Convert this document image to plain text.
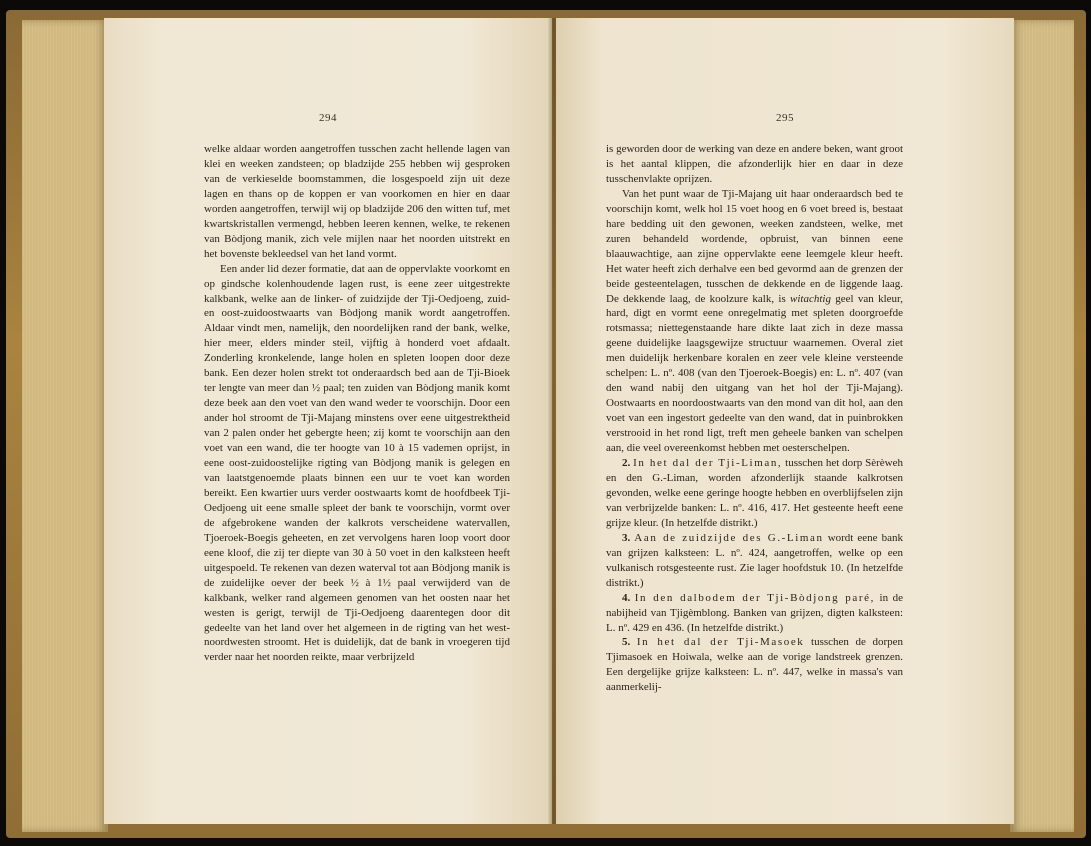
294

welke aldaar worden aangetroffen tusschen zacht hellende lagen van klei en weeken zandsteen; op bladzijde 255 hebben wij gesproken van de verkieselde boomstammen, die losgespoeld zijn uit deze lagen en thans op de koppen er van voorkomen en hier en daar worden aangetroffen, terwijl wij op bladzijde 206 den witten tuf, met kwartskristallen vermengd, hebben leeren kennen, welke, te rekenen van Bòdjong manik, zich vele mijlen naar het noorden uitstrekt en het bovenste bekleedsel van het land vormt.

Een ander lid dezer formatie, dat aan de oppervlakte voorkomt en op gindsche kolenhoudende lagen rust, is eene zeer uitgestrekte kalkbank, welke aan de linker- of zuidzijde der Tji-Oedjoeng, zuid- en oost-zuidoostwaarts van Bòdjong manik wordt aangetroffen. Aldaar vindt men, namelijk, den noordelijken rand der bank, welke, hier meer, elders minder steil, vijftig à honderd voet afdaalt. Zonderling kronkelende, lange holen en spleten loopen door deze bank. Een dezer holen strekt tot onderaardsch bed aan de Tji-Bioek ter lengte van meer dan ½ paal; ten zuiden van Bòdjong manik komt deze beek aan den voet van den wand weder te voorschijn. Door een ander hol stroomt de Tji-Majang minstens over eene uitgestrektheid van 2 palen onder het gebergte heen; zij komt te voorschijn aan den voet van een wand, die ter hoogte van 10 à 15 vademen oprijst, in eene oost-zuidoostelijke rigting van Bòdjong manik is gelegen en van laatstgenoemde plaats binnen een uur te voet kan worden bereikt. Een kwartier uurs verder oostwaarts komt de hoofdbeek Tji-Oedjoeng uit eene smalle spleet der bank te voorschijn, vormt over de afgebrokene wanden der kalkrots verscheidene watervallen, Tjoeroek-Boegis geheeten, en zet vervolgens haren loop voort door eene kloof, die zij ter diepte van 30 à 50 voet in den kalksteen heeft uitgespoeld. Te rekenen van dezen waterval tot aan Bòdjong manik is de zuidelijke oever der beek ½ à 1½ paal verwijderd van de kalkbank, welker rand algemeen genomen van het oosten naar het westen is gerigt, terwijl de Tji-Oedjoeng daarentegen door dit gedeelte van het land over het algemeen in de rigting van het west-noordwesten stroomt. Het is duidelijk, dat de bank in vroegeren tijd verder naar het noorden reikte, maar verbrijzeld

295

is geworden door de werking van deze en andere beken, want groot is het aantal klippen, die afzonderlijk hier en daar in deze tusschenvlakte oprijzen.

Van het punt waar de Tji-Majang uit haar onderaardsch bed te voorschijn komt, welk hol 15 voet hoog en 6 voet breed is, bestaat hare bedding uit den gewonen, weeken zandsteen, welke, met zuren behandeld wordende, opbruist, van binnen eene blaauwachtige, aan zijne oppervlakte eene leemgele kleur heeft. Het water heeft zich derhalve een bed gevormd aan de grenzen der beide gesteentelagen, tusschen de dekkende en de liggende laag. De dekkende laag, de koolzure kalk, is witachtig geel van kleur, hard, digt en vormt eene onregelmatig met spleten doorgroefde rotsmassa; niettegenstaande hare dikte laat zich in deze massa geene duidelijke laagsgewijze structuur waarnemen. Overal ziet men duidelijk herkenbare koralen en zeer vele kleine versteende schelpen: L. nº. 408 (van den Tjoeroek-Boegis) en: L. nº. 407 (van den wand nabij den uitgang van het hol der Tji-Majang). Oostwaarts en noordoostwaarts van den mond van dit hol, aan den voet van een ingestort gedeelte van den wand, dat in puinbrokken verstrooid in het rond ligt, treft men geheele banken van schelpen aan, die veel overeenkomst hebben met oesterschelpen.

2. In het dal der Tji-Liman, tusschen het dorp Sèrèweh en den G.-Liman, worden afzonderlijk staande kalkrotsen gevonden, welke eene geringe hoogte hebben en overblijfselen zijn van verbrijzelde banken: L. nº. 416, 417. Het gesteente heeft eene grijze kleur. (In hetzelfde distrikt.)

3. Aan de zuidzijde des G.-Liman wordt eene bank van grijzen kalksteen: L. nº. 424, aangetroffen, welke op een vulkanisch rotsgesteente rust. Zie lager hoofdstuk 10. (In hetzelfde distrikt.)

4. In den dalbodem der Tji-Bòdjong paré, in de nabijheid van Tjigèmblong. Banken van grijzen, digten kalksteen: L. nº. 429 en 436. (In hetzelfde distrikt.)

5. In het dal der Tji-Masoek tusschen de dorpen Tjimasoek en Hoiwala, welke aan de vorige landstreek grenzen. Een dergelijke grijze kalksteen: L. nº. 447, welke in massa's van aanmerkelij-
